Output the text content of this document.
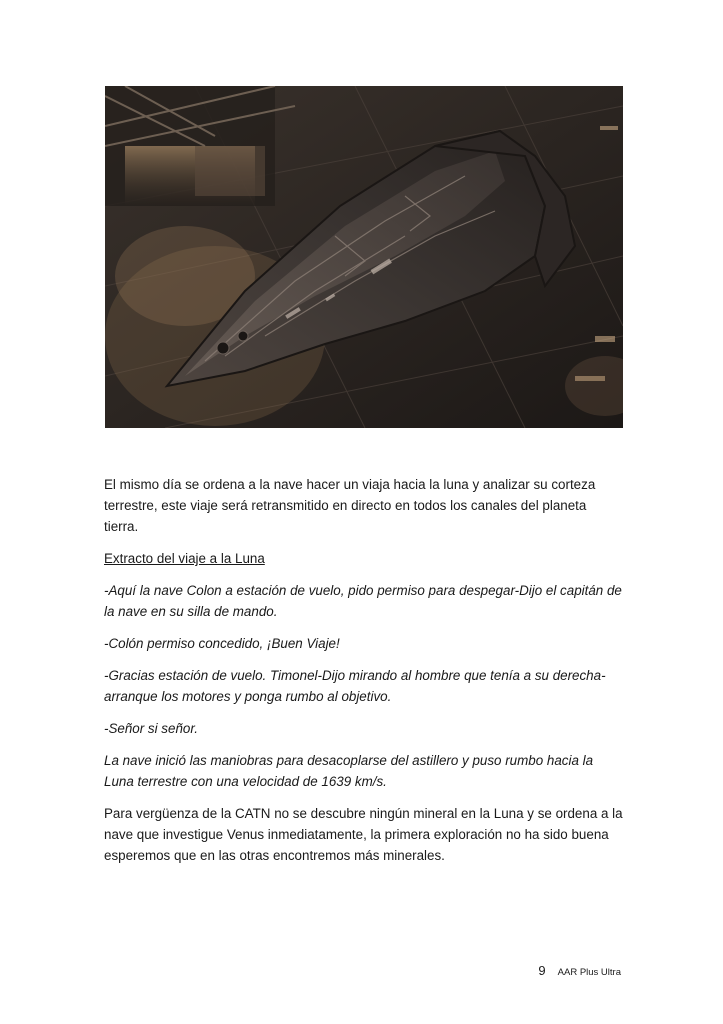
El mismo día se ordena a la nave hacer un viaja hacia la luna y analizar su corteza terrestre, este viaje será retransmitido en directo en todos los canales del planeta tierra.

Extracto del viaje a la Luna

-Aquí la nave Colon a estación de vuelo, pido permiso para despegar-Dijo el capitán de la nave en su silla de mando.

-Colón permiso concedido, ¡Buen Viaje!

-Gracias estación de vuelo. Timonel-Dijo mirando al hombre que tenía a su derecha-arranque los motores y ponga rumbo al objetivo.

-Señor si señor.

La nave inició las maniobras para desacoplarse del astillero y puso rumbo hacia la Luna terrestre con una velocidad de 1639 km/s.

Para vergüenza de la CATN no se descubre ningún mineral en la Luna y se ordena a la nave que investigue Venus inmediatamente, la primera exploración no ha sido buena esperemos que en las otras encontremos más minerales.

9 AAR Plus Ultra
